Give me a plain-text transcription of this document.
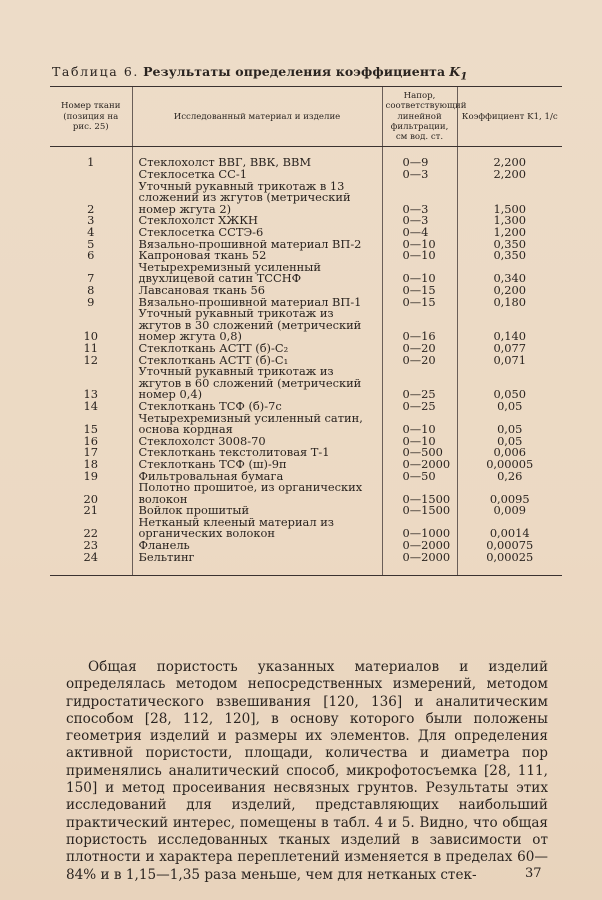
Таблица 6. Результаты определения коэффициента $K_1$
Номер ткани (позиция на рис. 25)	Исследованный материал и изделие	Напор, соответствующий линейной фильтрации, см вод. ст.	Коэффициент K1, 1/с
1	Стеклохолст ВВГ, ВВК, ВВМ	0—9	2,200
	Стеклосетка СС-1	0—3	2,200
2	Уточный рукавный трикотаж в 13 сложений из жгутов (метрический номер жгута 2)	0—3	1,500
3	Стеклохолст ХЖКН	0—3	1,300
4	Стеклосетка ССТЭ-6	0—4	1,200
5	Вязально-прошивной материал ВП-2	0—10	0,350
6	Капроновая ткань 52	0—10	0,350
7	Четырехремизный усиленный двухлицевой сатин ТССНФ	0—10	0,340
8	Лавсановая ткань 56	0—15	0,200
9	Вязально-прошивной материал ВП-1	0—15	0,180
10	Уточный рукавный трикотаж из жгутов в 30 сложений (метрический номер жгута 0,8)	0—16	0,140
11	Стеклоткань АСТТ (б)-С₂	0—20	0,077
12	Стеклоткань АСТТ (б)-С₁	0—20	0,071
13	Уточный рукавный трикотаж из жгутов в 60 сложений (метрический номер 0,4)	0—25	0,050
14	Стеклоткань ТСФ (б)-7с	0—25	0,05
15	Четырехремизный усиленный сатин, основа кордная	0—10	0,05
16	Стеклохолст 3008-70	0—10	0,05
17	Стеклоткань текстолитовая Т-1	0—500	0,006
18	Стеклоткань ТСФ (ш)-9п	0—2000	0,00005
19	Фильтровальная бумага	0—50	0,26
20	Полотно прошитое, из органических волокон	0—1500	0,0095
21	Войлок прошитый	0—1500	0,009
22	Нетканый клееный материал из органических волокон	0—1000	0,0014
23	Фланель	0—2000	0,00075
24	Бельтинг	0—2000	0,00025

Общая пористость указанных материалов и изделий определялась методом непосредственных измерений, методом гидростатического взвешивания [120, 136] и аналитическим способом [28, 112, 120], в основу которого были положены геометрия изделий и размеры их элементов. Для определения активной пористости, площади, количества и диаметра пор применялись аналитический способ, микрофотосъемка [28, 111, 150] и метод просеивания несвязных грунтов. Результаты этих исследований для изделий, представляющих наибольший практический интерес, помещены в табл. 4 и 5. Видно, что общая пористость исследованных тканых изделий в зависимости от плотности и характера переплетений изменяется в пределах 60—84% и в 1,15—1,35 раза меньше, чем для нетканых стек-	37
